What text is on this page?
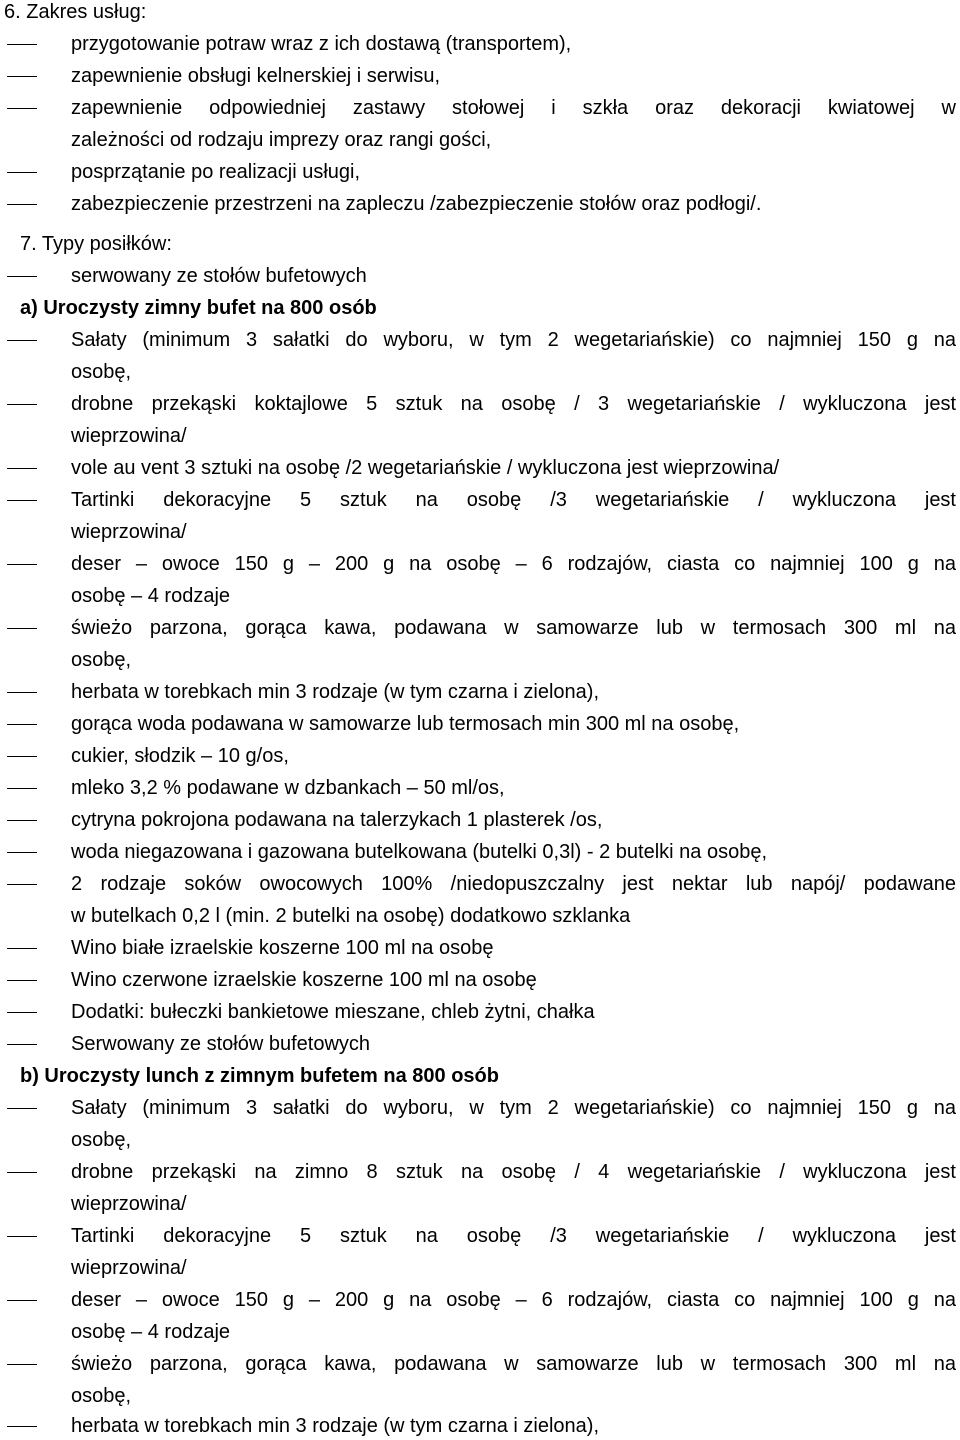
6. Zakres usług:
przygotowanie potraw wraz z ich dostawą (transportem),
zapewnienie obsługi kelnerskiej i serwisu,
zapewnienie odpowiedniej zastawy stołowej i szkła oraz dekoracji kwiatowej w
zależności od rodzaju imprezy oraz rangi gości,
posprzątanie po realizacji usługi,
zabezpieczenie przestrzeni na zapleczu /zabezpieczenie stołów oraz podłogi/.
7. Typy posiłków:
serwowany ze stołów bufetowych
a) Uroczysty zimny bufet na 800 osób
Sałaty (minimum 3 sałatki do wyboru, w tym 2 wegetariańskie) co najmniej 150 g na
osobę,
drobne przekąski koktajlowe 5 sztuk na osobę / 3 wegetariańskie / wykluczona jest
wieprzowina/
vole au vent 3 sztuki na osobę /2 wegetariańskie / wykluczona jest wieprzowina/
Tartinki dekoracyjne 5 sztuk na osobę /3 wegetariańskie / wykluczona jest
wieprzowina/
deser – owoce 150 g – 200 g na osobę – 6 rodzajów, ciasta co najmniej 100 g na
osobę – 4 rodzaje
świeżo parzona, gorąca kawa, podawana w samowarze lub w termosach 300 ml na
osobę,
herbata w torebkach min 3 rodzaje (w tym czarna i zielona),
gorąca woda podawana w samowarze lub termosach min 300 ml na osobę,
cukier, słodzik – 10 g/os,
mleko 3,2 % podawane w dzbankach – 50 ml/os,
cytryna pokrojona podawana na talerzykach 1 plasterek /os,
woda niegazowana i gazowana butelkowana (butelki 0,3l) - 2 butelki na osobę,
2 rodzaje soków owocowych 100% /niedopuszczalny jest nektar lub napój/ podawane
w butelkach 0,2 l (min. 2 butelki na osobę) dodatkowo szklanka
Wino białe izraelskie koszerne 100 ml na osobę
Wino czerwone izraelskie koszerne 100 ml na osobę
Dodatki: bułeczki bankietowe mieszane, chleb żytni, chałka
Serwowany ze stołów bufetowych
b) Uroczysty lunch z zimnym bufetem na 800 osób
Sałaty (minimum 3 sałatki do wyboru, w tym 2 wegetariańskie) co najmniej 150 g na
osobę,
drobne przekąski na zimno 8 sztuk na osobę / 4 wegetariańskie / wykluczona jest
wieprzowina/
Tartinki dekoracyjne 5 sztuk na osobę /3 wegetariańskie / wykluczona jest
wieprzowina/
deser – owoce 150 g – 200 g na osobę – 6 rodzajów, ciasta co najmniej 100 g na
osobę – 4 rodzaje
świeżo parzona, gorąca kawa, podawana w samowarze lub w termosach 300 ml na
osobę,
herbata w torebkach min 3 rodzaje (w tym czarna i zielona),
